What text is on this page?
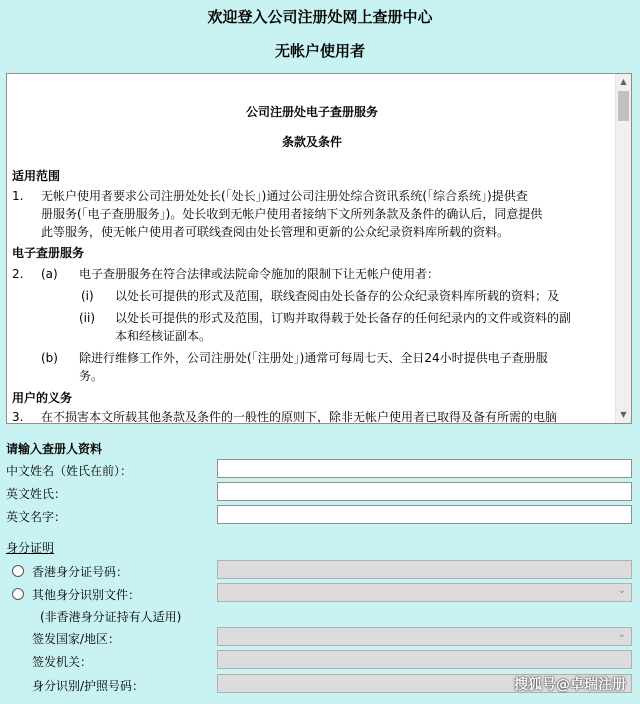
欢迎登入公司注册处网上查册中心
无帐户使用者
公司注册处电子查册服务
条款及条件
适用范围
1. 无帐户使用者要求公司注册处处长(「处长」)通过公司注册处综合资讯系统(「综合系统」)提供查
册服务(「电子查册服务」)。处长收到无帐户使用者接纳下文所列条款及条件的确认后，同意提供
此等服务，使无帐户使用者可联线查阅由处长管理和更新的公众纪录资料库所载的资料。
电子查册服务
2. (a) 电子查册服务在符合法律或法院命令施加的限制下让无帐户使用者：
(i) 以处长可提供的形式及范围，联线查阅由处长备存的公众纪录资料库所载的资料；及
(ii) 以处长可提供的形式及范围，订购并取得载于处长备存的任何纪录内的文件或资料的副
本和经核证副本。
(b) 除进行维修工作外，公司注册处(「注册处」)通常可每周七天、全日24小时提供电子查册服
务。
用户的义务
3. 在不损害本文所载其他条款及条件的一般性的原则下，除非无帐户使用者已取得及备有所需的电脑
▲
▼
请输入查册人资料
中文姓名（姓氏在前）：
英文姓氏：
英文名字：
身分证明
香港身分证号码：
其他身分识别文件：	⌄
(非香港身分证持有人适用)
签发国家/地区：	⌄
签发机关：
身分识别/护照号码：	搜狐号@卓瑞注册
